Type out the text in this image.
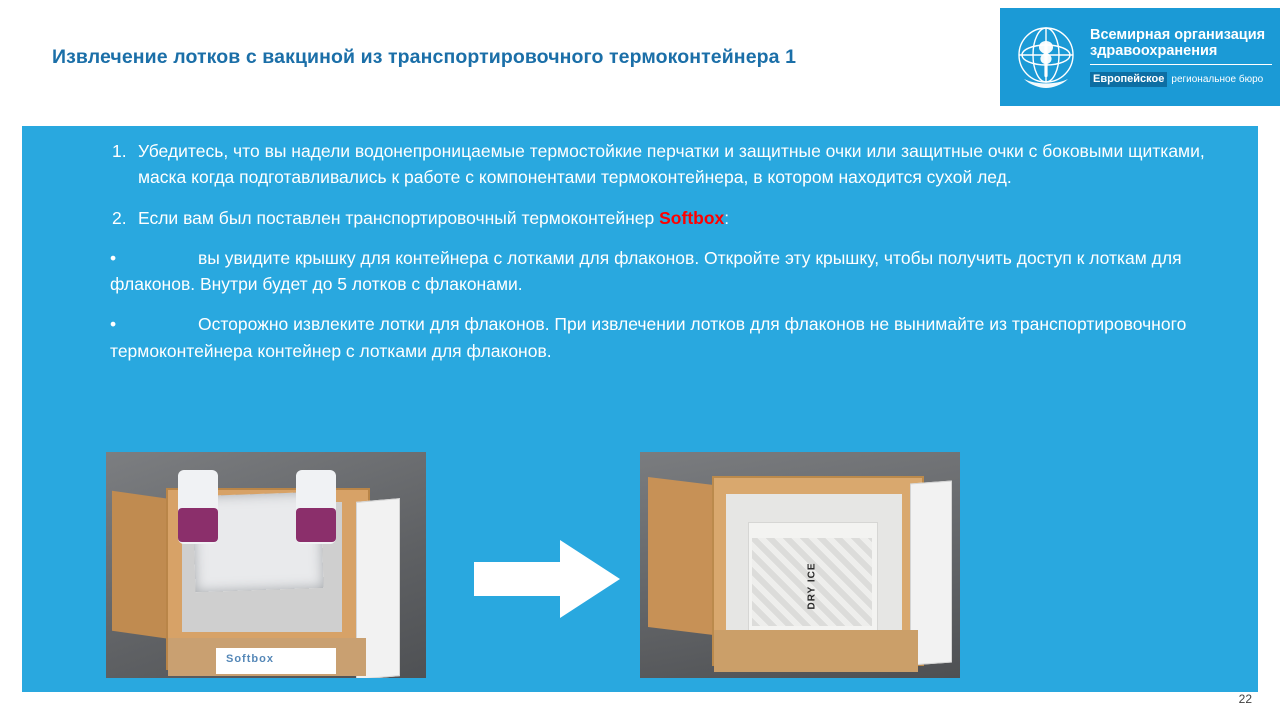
Извлечение лотков с вакциной из транспортировочного термоконтейнера 1
Всемирная организация
здравоохранения
Европейское региональное бюро
1. Убедитесь, что вы надели водонепроницаемые термостойкие перчатки и защитные очки или защитные очки с боковыми щитками, маска когда подготавливались к работе с компонентами термоконтейнера, в котором находится сухой лед.
2. Если вам был поставлен транспортировочный термоконтейнер Softbox:
•	вы увидите крышку для контейнера с лотками для флаконов. Откройте эту крышку, чтобы получить доступ к лоткам для флаконов. Внутри будет до 5 лотков с флаконами.
•	Осторожно извлеките лотки для флаконов. При извлечении лотков для флаконов не вынимайте из транспортировочного термоконтейнера контейнер с лотками для флаконов.
Softbox
DRY ICE
22
